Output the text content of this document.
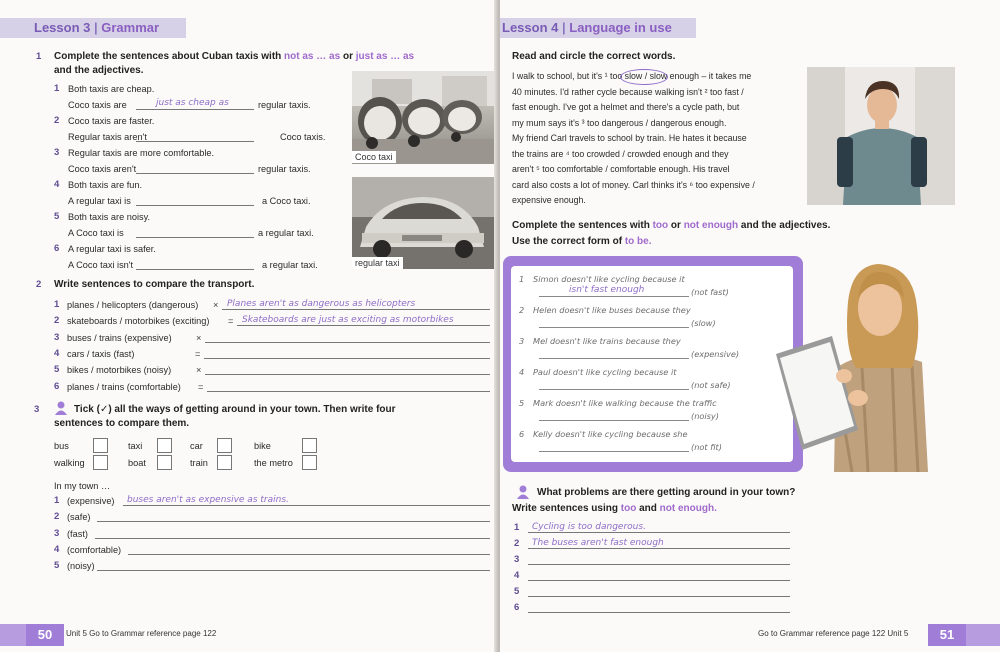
Lesson 3 | Grammar
1 Complete the sentences about Cuban taxis with not as … as or just as … as
and the adjectives.
1 Both taxis are cheap.
Coco taxis are	just as cheap as	regular taxis.
2 Coco taxis are faster.
Regular taxis aren't	Coco taxis.
3 Regular taxis are more comfortable.
Coco taxis aren't	regular taxis.
4 Both taxis are fun.
A regular taxi is	a Coco taxi.
5 Both taxis are noisy.
A Coco taxi is	a regular taxi.
6 A regular taxi is safer.
A Coco taxi isn't	a regular taxi.
Coco taxi
regular taxi
2 Write sentences to compare the transport.
1 planes / helicopters (dangerous) × Planes aren't as dangerous as helicopters
2 skateboards / motorbikes (exciting) = Skateboards are just as exciting as motorbikes
3 buses / trains (expensive)	×
4 cars / taxis (fast)	=
5 bikes / motorbikes (noisy)	×
6 planes / trains (comfortable) =
3	Tick (✓) all the ways of getting around in your town. Then write four
sentences to compare them.
bus	taxi	car	bike
walking	boat	train	the metro
In my town …
1 (expensive) buses aren't as expensive as trains.
2 (safe)
3 (fast)
4 (comfortable)
5 (noisy)
50	Unit 5 Go to Grammar reference page 122
Lesson 4 | Language in use
Read and circle the correct words.
I walk to school, but it's ¹ too slow / slow enough – it takes me
40 minutes. I'd rather cycle because walking isn't ² too fast /
fast enough. I've got a helmet and there's a cycle path, but
my mum says it's ³ too dangerous / dangerous enough.
My friend Carl travels to school by train. He hates it because
the trains are ⁴ too crowded / crowded enough and they
aren't ⁵ too comfortable / comfortable enough. His travel
card also costs a lot of money. Carl thinks it's ⁶ too expensive /
expensive enough.
Complete the sentences with too or not enough and the adjectives.
Use the correct form of to be.
1 Simon doesn't like cycling because it
isn't fast enough	(not fast)
2 Helen doesn't like buses because they
(slow)
3 Mel doesn't like trains because they
(expensive)
4 Paul doesn't like cycling because it
(not safe)
5 Mark doesn't like walking because the traffic
(noisy)
6 Kelly doesn't like cycling because she
(not fit)
What problems are there getting around in your town?
Write sentences using too and not enough.
1 Cycling is too dangerous.
2 The buses aren't fast enough
3
4
5
6
51
Go to Grammar reference page 122 Unit 5
